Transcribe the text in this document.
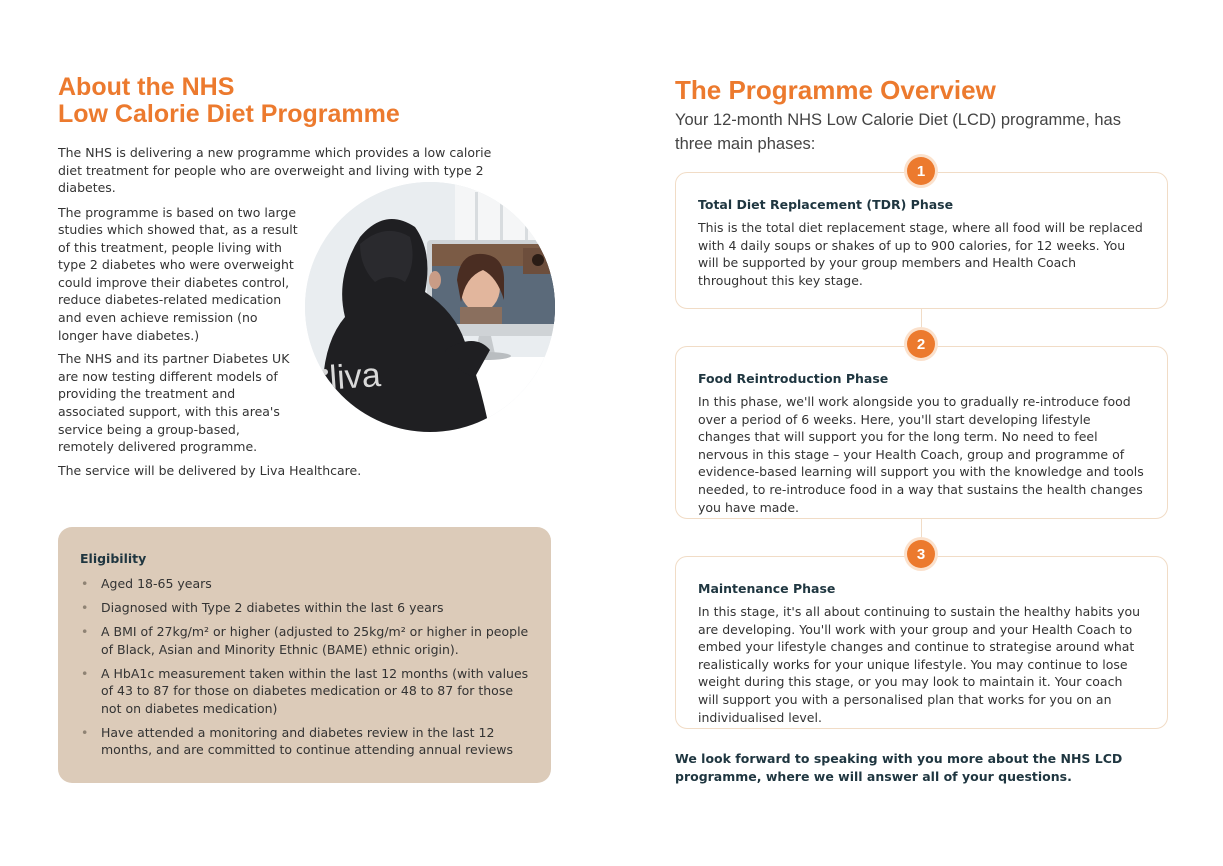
About the NHS
Low Calorie Diet Programme

The NHS is delivering a new programme which provides a low calorie diet treatment for people who are overweight and living with type 2 diabetes.

The programme is based on two large studies which showed that, as a result of this treatment, people living with type 2 diabetes who were overweight could improve their diabetes control, reduce diabetes-related medication and even achieve remission (no longer have diabetes.)

The NHS and its partner Diabetes UK are now testing different models of providing the treatment and associated support, with this area's service being a group-based, remotely delivered programme.

The service will be delivered by Liva Healthcare.

liva
Eligibility
• Aged 18-65 years
• Diagnosed with Type 2 diabetes within the last 6 years
• A BMI of 27kg/m² or higher (adjusted to 25kg/m² or higher in people of Black, Asian and Minority Ethnic (BAME) ethnic origin).
• A HbA1c measurement taken within the last 12 months (with values of 43 to 87 for those on diabetes medication or 48 to 87 for those not on diabetes medication)
• Have attended a monitoring and diabetes review in the last 12 months, and are committed to continue attending annual reviews
The Programme Overview

Your 12-month NHS Low Calorie Diet (LCD) programme, has three main phases:

Total Diet Replacement (TDR) Phase

This is the total diet replacement stage, where all food will be replaced with 4 daily soups or shakes of up to 900 calories, for 12 weeks. You will be supported by your group members and Health Coach throughout this key stage.

1
Food Reintroduction Phase

In this phase, we'll work alongside you to gradually re-introduce food over a period of 6 weeks. Here, you'll start developing lifestyle changes that will support you for the long term. No need to feel nervous in this stage – your Health Coach, group and programme of evidence-based learning will support you with the knowledge and tools needed, to re-introduce food in a way that sustains the health changes you have made.

2
Maintenance Phase

In this stage, it's all about continuing to sustain the healthy habits you are developing. You'll work with your group and your Health Coach to embed your lifestyle changes and continue to strategise around what realistically works for your unique lifestyle. You may continue to lose weight during this stage, or you may look to maintain it. Your coach will support you with a personalised plan that works for you on an individualised level.

3

We look forward to speaking with you more about the NHS LCD programme, where we will answer all of your questions.
